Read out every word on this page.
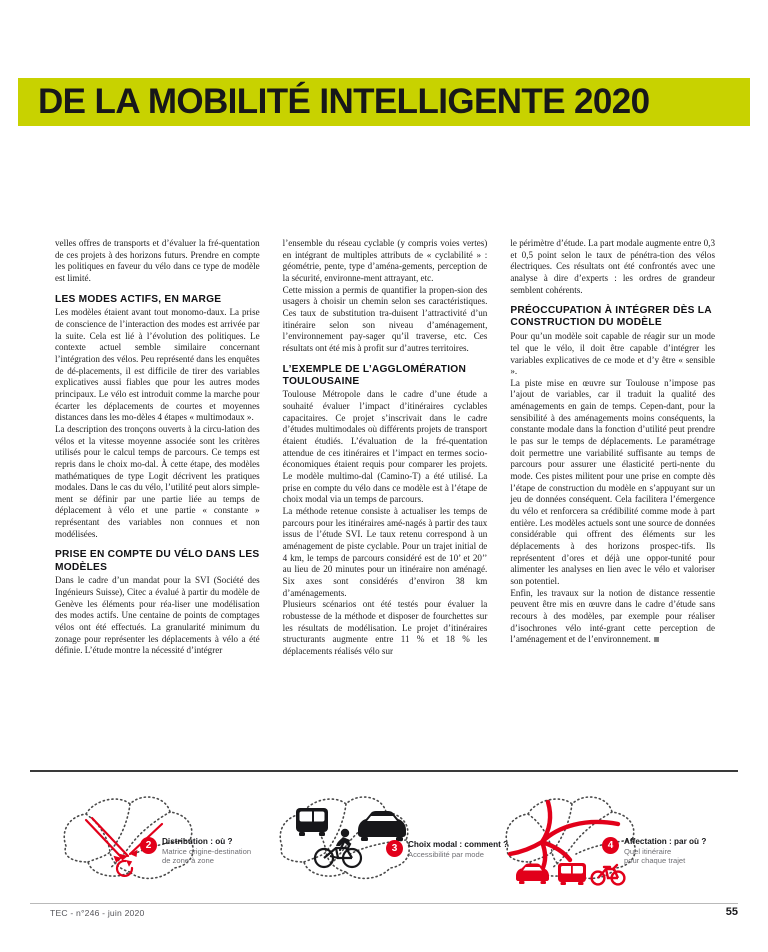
DE LA MOBILITÉ INTELLIGENTE 2020

velles offres de transports et d’évaluer la fré-quentation de ces projets à des horizons futurs. Prendre en compte les politiques en faveur du vélo dans ce type de modèle est limité.

LES MODES ACTIFS, EN MARGE

Les modèles étaient avant tout monomo-daux. La prise de conscience de l’interaction des modes est arrivée par la suite. Cela est lié à l’évolution des politiques. Le contexte actuel semble similaire concernant l’intégration des vélos. Peu représenté dans les enquêtes de dé-placements, il est difficile de tirer des variables explicatives aussi fiables que pour les autres modes principaux. Le vélo est introduit comme la marche pour écarter les déplacements de courtes et moyennes distances dans les mo-dèles 4 étapes « multimodaux ».

La description des tronçons ouverts à la circu-lation des vélos et la vitesse moyenne associée sont les critères utilisés pour le calcul temps de parcours. Ce temps est repris dans le choix mo-dal. À cette étape, des modèles mathématiques de type Logit décrivent les pratiques modales. Dans le cas du vélo, l’utilité peut alors simple-ment se définir par une partie liée au temps de déplacement à vélo et une partie « constante » représentant des variables non connues et non modélisées.

PRISE EN COMPTE DU VÉLO DANS LES MODÈLES

Dans le cadre d’un mandat pour la SVI (Société des Ingénieurs Suisse), Citec a évalué à partir du modèle de Genève les éléments pour réa-liser une modélisation des modes actifs. Une centaine de points de comptages vélos ont été effectués. La granularité minimum du zonage pour représenter les déplacements à vélo a été définie. L’étude montre la nécessité d’intégrer

l’ensemble du réseau cyclable (y compris voies vertes) en intégrant de multiples attributs de « cyclabilité » : géométrie, pente, type d’aména-gements, perception de la sécurité, environne-ment attrayant, etc.

Cette mission a permis de quantifier la propen-sion des usagers à choisir un chemin selon ses caractéristiques. Ces taux de substitution tra-duisent l’attractivité d’un itinéraire selon son niveau d’aménagement, l’environnement pay-sager qu’il traverse, etc. Ces résultats ont été mis à profit sur d’autres territoires.

L’EXEMPLE DE L’AGGLOMÉRATION TOULOUSAINE

Toulouse Métropole dans le cadre d’une étude a souhaité évaluer l’impact d’itinéraires cyclables capacitaires. Ce projet s’inscrivait dans le cadre d’études multimodales où différents projets de transport étaient étudiés. L’évaluation de la fré-quentation attendue de ces itinéraires et l’impact en termes socio-économiques étaient requis pour comparer les projets. Le modèle multimo-dal (Camino-T) a été utilisé. La prise en compte du vélo dans ce modèle est à l’étape de choix modal via un temps de parcours.

La méthode retenue consiste à actualiser les temps de parcours pour les itinéraires amé-nagés à partir des taux issus de l’étude SVI. Le taux retenu correspond à un aménagement de piste cyclable. Pour un trajet initial de 4 km, le temps de parcours considéré est de 10’ et 20’’ au lieu de 20 minutes pour un itinéraire non aménagé. Six axes sont considérés d’environ 38 km d’aménagements.

Plusieurs scénarios ont été testés pour évaluer la robustesse de la méthode et disposer de fourchettes sur les résultats de modélisation. Le projet d’itinéraires structurants augmente entre 11 % et 18 % les déplacements réalisés vélo sur

le périmètre d’étude. La part modale augmente entre 0,3 et 0,5 point selon le taux de pénétra-tion des vélos électriques. Ces résultats ont été confrontés avec une analyse à dire d’experts : les ordres de grandeur semblent cohérents.

PRÉOCCUPATION À INTÉGRER DÈS LA CONSTRUCTION DU MODÈLE

Pour qu’un modèle soit capable de réagir sur un mode tel que le vélo, il doit être capable d’intégrer les variables explicatives de ce mode et d’y être « sensible ».

La piste mise en œuvre sur Toulouse n’impose pas l’ajout de variables, car il traduit la qualité des aménagements en gain de temps. Cepen-dant, pour la sensibilité à des aménagements moins conséquents, la constante modale dans la fonction d’utilité peut prendre le pas sur le temps de déplacements. Le paramétrage doit permettre une variabilité suffisante au temps de parcours pour assurer une élasticité perti-nente du mode. Ces pistes militent pour une prise en compte dès l’étape de construction du modèle en s’appuyant sur un jeu de données conséquent. Cela facilitera l’émergence du vélo et renforcera sa crédibilité comme mode à part entière. Les modèles actuels sont une source de données considérable qui offrent des éléments sur les déplacements à des horizons prospec-tifs. Ils représentent d’ores et déjà une oppor-tunité pour alimenter les analyses en lien avec le vélo et valoriser son potentiel.

Enfin, les travaux sur la notion de distance ressentie peuvent être mis en œuvre dans le cadre d’étude sans recours à des modèles, par exemple pour réaliser d’isochrones vélo inté-grant cette perception de l’aménagement et de l’environnement.

2	Distribution : où ?
Matrice origine-destination
de zone à zone
3	Choix modal : comment ?
Accessibilité par mode
4	Affectation : par où ?
Quel itinéraire
pour chaque trajet
TEC - n°246 - juin 2020	55
